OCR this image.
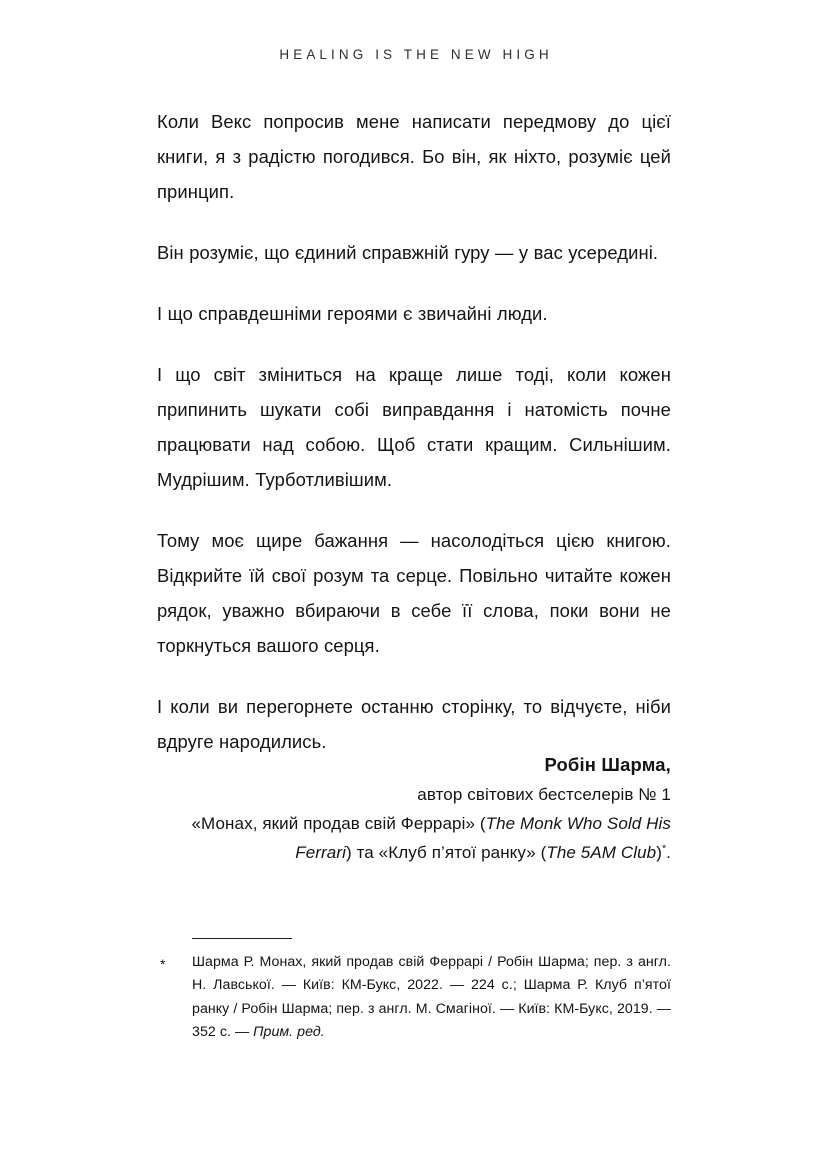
HEALING IS THE NEW HIGH

Коли Векс попросив мене написати передмову до цієї книги, я з радістю погодився. Бо він, як ніхто, розуміє цей принцип.

Він розуміє, що єдиний справжній гуру — у вас усередині.

І що справдешніми героями є звичайні люди.

І що світ зміниться на краще лише тоді, коли кожен припинить шукати собі виправдання і натомість почне працювати над собою. Щоб стати кращим. Сильнішим. Мудрішим. Турботливішим.

Тому моє щире бажання — насолодіться цією книгою. Відкрийте їй свої розум та серце. Повільно читайте кожен рядок, уважно вбираючи в себе її слова, поки вони не торкнуться вашого серця.

І коли ви перегорнете останню сторінку, то відчуєте, ніби вдруге народились.

Робін Шарма,
автор світових бестселерів № 1
«Монах, який продав свій Феррарі» (The Monk Who Sold His
Ferrari) та «Клуб п’ятої ранку» (The 5AM Club)*.
* Шарма Р. Монах, який продав свій Феррарі / Робін Шарма; пер. з англ. Н. Лавської. — Київ: КМ-Букс, 2022. — 224 с.; Шарма Р. Клуб п’ятої ранку / Робін Шарма; пер. з англ. М. Смагіної. — Київ: КМ-Букс, 2019. — 352 с. — Прим. ред.
